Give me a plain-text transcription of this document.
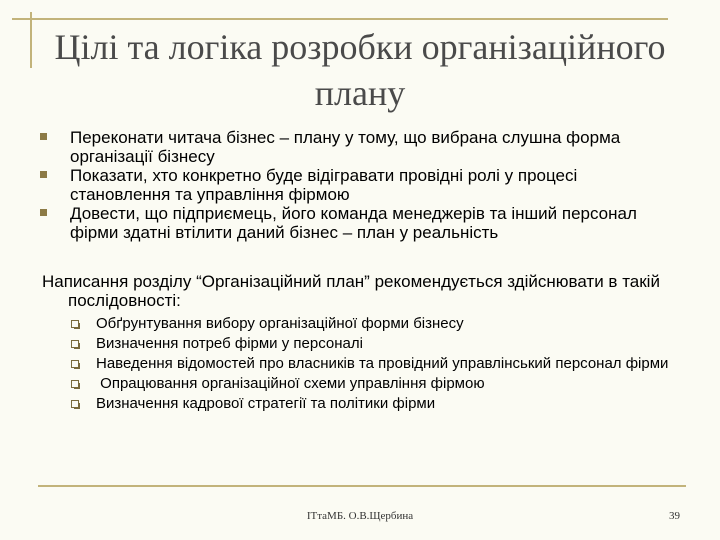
Цілі та логіка розробки організаційного плану
Переконати читача бізнес – плану у тому, що вибрана слушна форма організації бізнесу
Показати, хто конкретно буде відігравати провідні ролі у процесі становлення та управління фірмою
Довести, що підприємець, його команда менеджерів та інший персонал фірми здатні втілити даний бізнес – план у реальність

Написання розділу “Організаційний план” рекомендується здійснювати в такій послідовності:

Обґрунтування вибору організаційної форми бізнесу
Визначення потреб фірми у персоналі
Наведення відомостей про власників та провідний управлінський персонал фірми
Опрацювання організаційної схеми управління фірмою
Визначення кадрової стратегії та політики фірми
ІТтаМБ. О.В.Щербина	39
